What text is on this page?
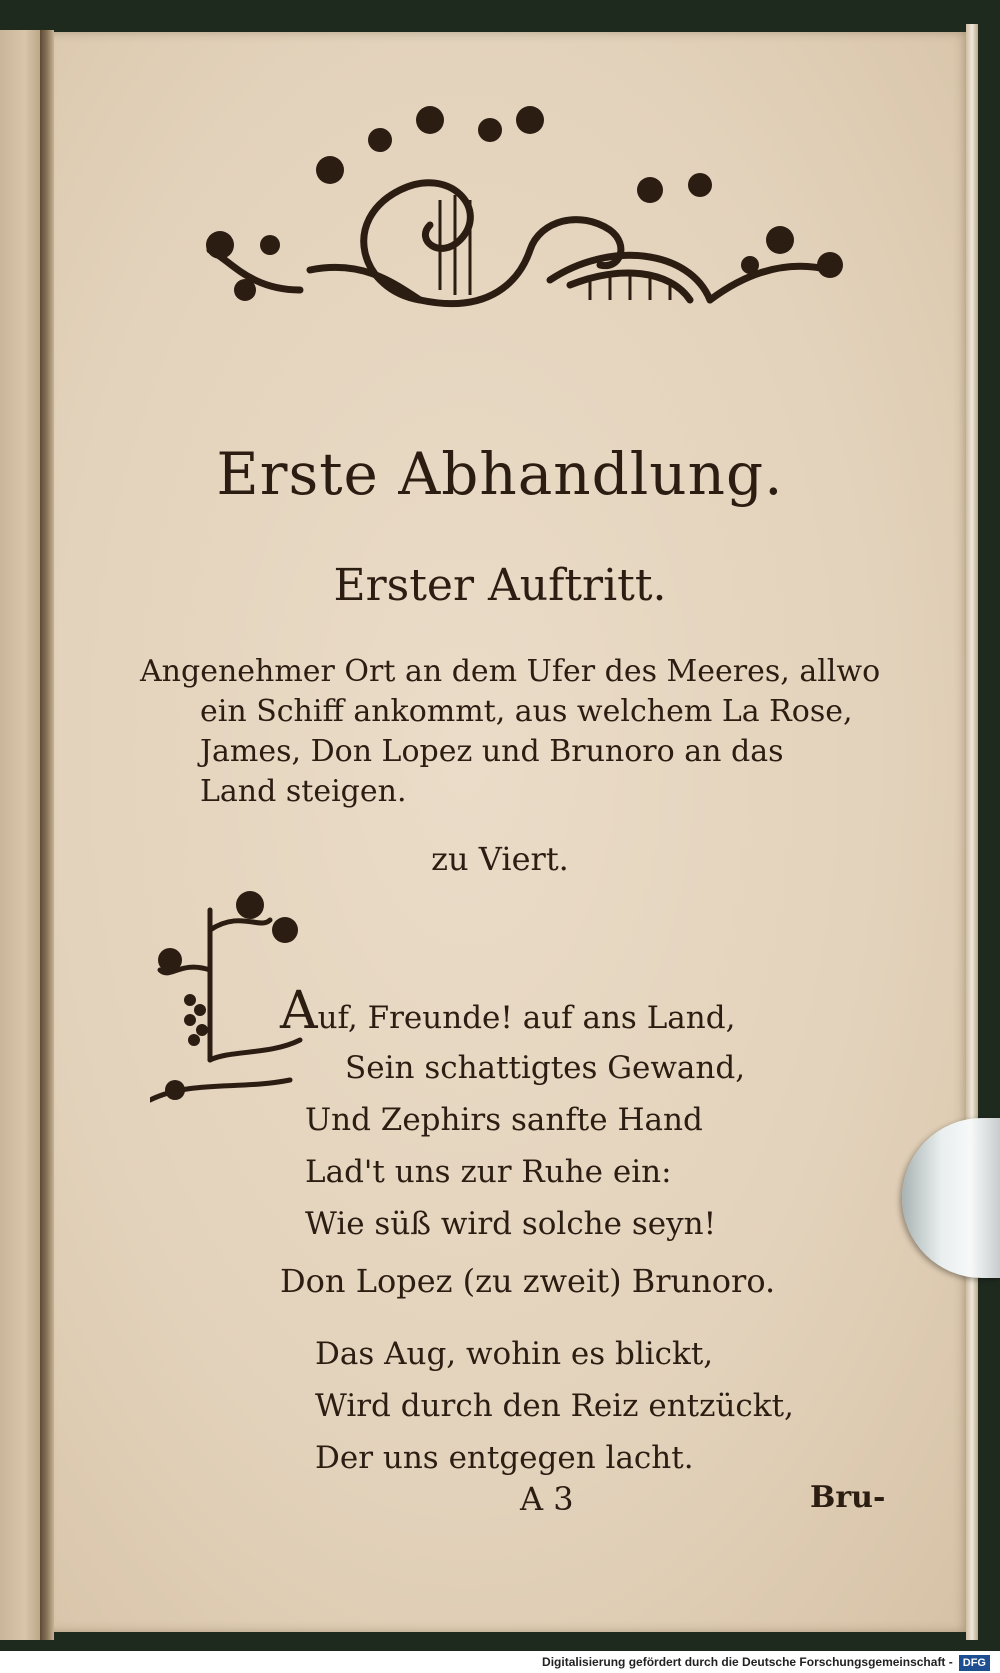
Erste Abhandlung.
Erster Auftritt.
Angenehmer Ort an dem Ufer des Meeres, allwo
ein Schiff ankommt, aus welchem La Rose,
James, Don Lopez und Brunoro an das
Land steigen.
zu Viert.
Auf, Freunde! auf ans Land,
Sein schattigtes Gewand,
Und Zephirs sanfte Hand
Lad't uns zur Ruhe ein:
Wie süß wird solche seyn!
Don Lopez (zu zweit) Brunoro.
Das Aug, wohin es blickt,
Wird durch den Reiz entzückt,
Der uns entgegen lacht.
A 3	Bru-
Digitalisierung gefördert durch die Deutsche Forschungsgemeinschaft - DFG
